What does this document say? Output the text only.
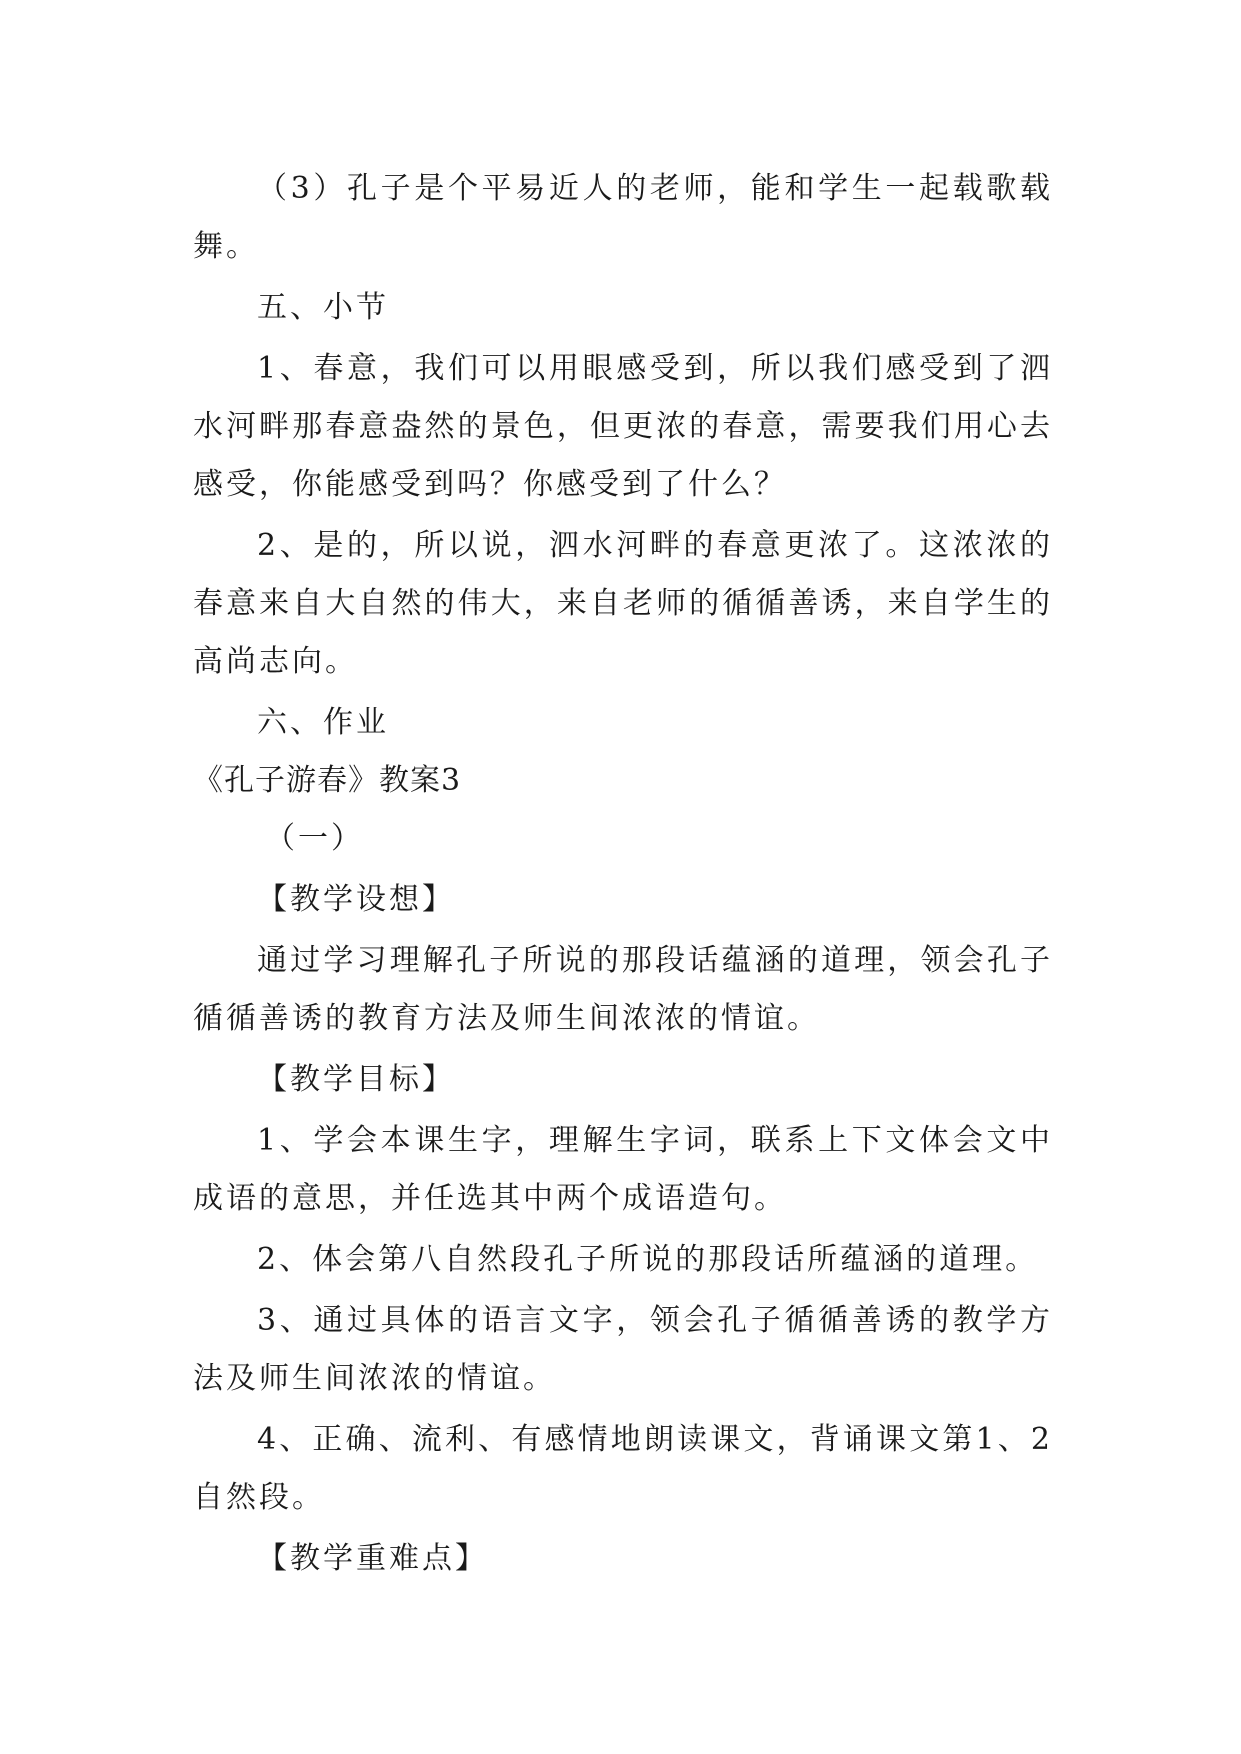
（3）孔子是个平易近人的老师，能和学生一起载歌载舞。

五、小节

1、春意，我们可以用眼感受到，所以我们感受到了泗水河畔那春意盎然的景色，但更浓的春意，需要我们用心去感受，你能感受到吗？你感受到了什么？

2、是的，所以说，泗水河畔的春意更浓了。这浓浓的春意来自大自然的伟大，来自老师的循循善诱，来自学生的高尚志向。

六、作业

《孔子游春》教案3

（一）

【教学设想】

通过学习理解孔子所说的那段话蕴涵的道理，领会孔子循循善诱的教育方法及师生间浓浓的情谊。

【教学目标】

1、学会本课生字，理解生字词，联系上下文体会文中成语的意思，并任选其中两个成语造句。

2、体会第八自然段孔子所说的那段话所蕴涵的道理。

3、通过具体的语言文字，领会孔子循循善诱的教学方法及师生间浓浓的情谊。

4、正确、流利、有感情地朗读课文，背诵课文第1、2自然段。

【教学重难点】
